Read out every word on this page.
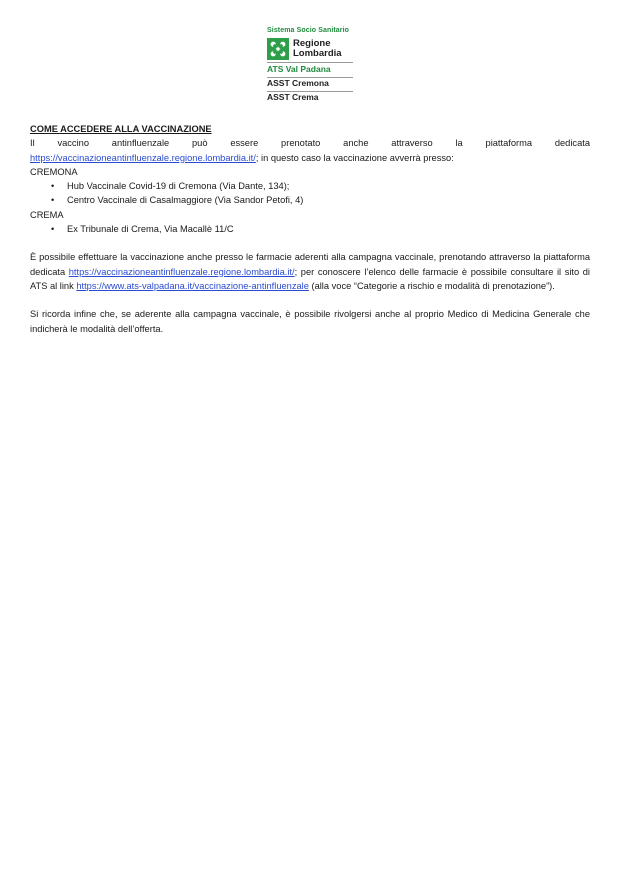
Sistema Socio Sanitario
Regione
Lombardia
ATS Val Padana
ASST Cremona
ASST Crema
COME ACCEDERE ALLA VACCINAZIONE

Il vaccino antinfluenzale può essere prenotato anche attraverso la piattaforma dedicata https://vaccinazioneantinfluenzale.regione.lombardia.it/; in questo caso la vaccinazione avverrà presso:

CREMONA
• Hub Vaccinale Covid-19 di Cremona (Via Dante, 134);
• Centro Vaccinale di Casalmaggiore (Via Sandor Petofi, 4)
CREMA
• Ex Tribunale di Crema, Via Macallè 11/C

È possibile effettuare la vaccinazione anche presso le farmacie aderenti alla campagna vaccinale, prenotando attraverso la piattaforma dedicata https://vaccinazioneantinfluenzale.regione.lombardia.it/; per conoscere l’elenco delle farmacie è possibile consultare il sito di ATS al link https://www.ats-valpadana.it/vaccinazione-antinfluenzale (alla voce “Categorie a rischio e modalità di prenotazione”).

Si ricorda infine che, se aderente alla campagna vaccinale, è possibile rivolgersi anche al proprio Medico di Medicina Generale che indicherà le modalità dell’offerta.
